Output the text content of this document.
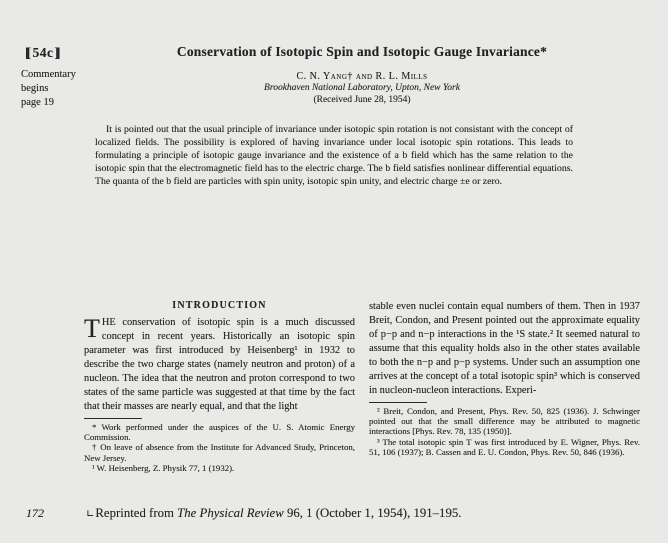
[ 54c ]
Commentary
begins
page 19
Conservation of Isotopic Spin and Isotopic Gauge Invariance*
C. N. Yang† and R. L. Mills
Brookhaven National Laboratory, Upton, New York
(Received June 28, 1954)
It is pointed out that the usual principle of invariance under isotopic spin rotation is not consistant with the concept of localized fields. The possibility is explored of having invariance under local isotopic spin rotations. This leads to formulating a principle of isotopic gauge invariance and the existence of a b field which has the same relation to the isotopic spin that the electromagnetic field has to the electric charge. The b field satisfies nonlinear differential equations. The quanta of the b field are particles with spin unity, isotopic spin unity, and electric charge ±e or zero.
INTRODUCTION

THE conservation of isotopic spin is a much discussed concept in recent years. Historically an isotopic spin parameter was first introduced by Heisenberg¹ in 1932 to describe the two charge states (namely neutron and proton) of a nucleon. The idea that the neutron and proton correspond to two states of the same particle was suggested at that time by the fact that their masses are nearly equal, and that the light

* Work performed under the auspices of the U. S. Atomic Energy Commission.

† On leave of absence from the Institute for Advanced Study, Princeton, New Jersey.

¹ W. Heisenberg, Z. Physik 77, 1 (1932).

stable even nuclei contain equal numbers of them. Then in 1937 Breit, Condon, and Present pointed out the approximate equality of p−p and n−p interactions in the ¹S state.² It seemed natural to assume that this equality holds also in the other states available to both the n−p and p−p systems. Under such an assumption one arrives at the concept of a total isotopic spin³ which is conserved in nucleon-nucleon interactions. Experi-

² Breit, Condon, and Present, Phys. Rev. 50, 825 (1936). J. Schwinger pointed out that the small difference may be attributed to magnetic interactions [Phys. Rev. 78, 135 (1950)].

³ The total isotopic spin T was first introduced by E. Wigner, Phys. Rev. 51, 106 (1937); B. Cassen and E. U. Condon, Phys. Rev. 50, 846 (1936).

172	∟Reprinted from The Physical Review 96, 1 (October 1, 1954), 191–195.
